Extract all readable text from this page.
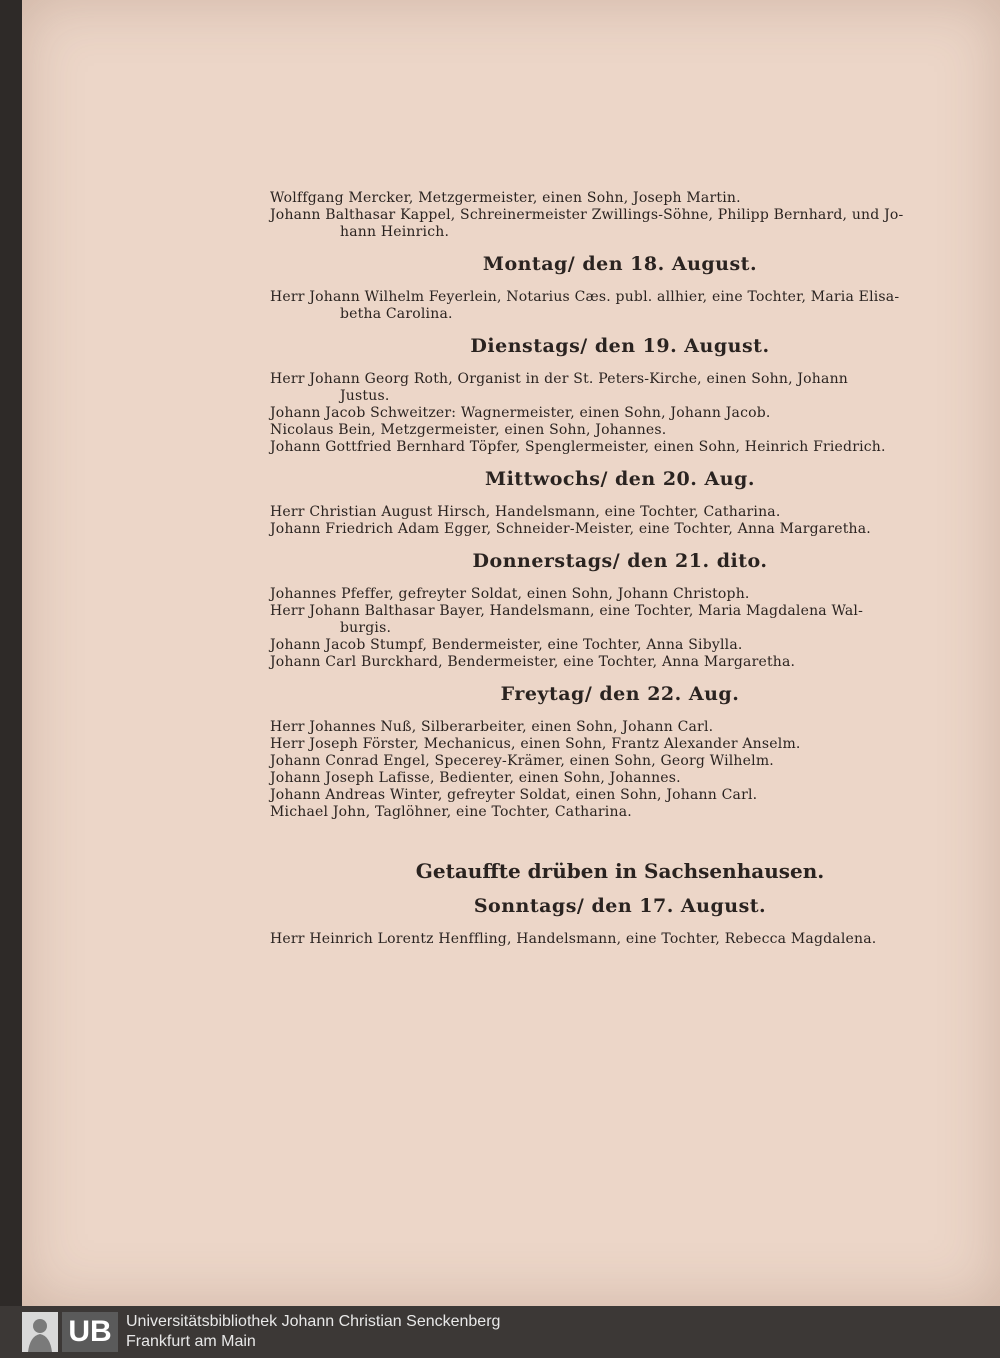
Wolffgang Mercker, Metzgermeister, einen Sohn, Joseph Martin.
Johann Balthasar Kappel, Schreinermeister Zwillings-Söhne, Philipp Bernhard, und Jo-
hann Heinrich.
Montag/ den 18. August.
Herr Johann Wilhelm Feyerlein, Notarius Cæs. publ. allhier, eine Tochter, Maria Elisa-
betha Carolina.
Dienstags/ den 19. August.
Herr Johann Georg Roth, Organist in der St. Peters-Kirche, einen Sohn, Johann
Justus.
Johann Jacob Schweitzer: Wagnermeister, einen Sohn, Johann Jacob.
Nicolaus Bein, Metzgermeister, einen Sohn, Johannes.
Johann Gottfried Bernhard Töpfer, Spenglermeister, einen Sohn, Heinrich Friedrich.
Mittwochs/ den 20. Aug.
Herr Christian August Hirsch, Handelsmann, eine Tochter, Catharina.
Johann Friedrich Adam Egger, Schneider-Meister, eine Tochter, Anna Margaretha.
Donnerstags/ den 21. dito.
Johannes Pfeffer, gefreyter Soldat, einen Sohn, Johann Christoph.
Herr Johann Balthasar Bayer, Handelsmann, eine Tochter, Maria Magdalena Wal-
burgis.
Johann Jacob Stumpf, Bendermeister, eine Tochter, Anna Sibylla.
Johann Carl Burckhard, Bendermeister, eine Tochter, Anna Margaretha.
Freytag/ den 22. Aug.
Herr Johannes Nuß, Silberarbeiter, einen Sohn, Johann Carl.
Herr Joseph Förster, Mechanicus, einen Sohn, Frantz Alexander Anselm.
Johann Conrad Engel, Specerey-Krämer, einen Sohn, Georg Wilhelm.
Johann Joseph Lafisse, Bedienter, einen Sohn, Johannes.
Johann Andreas Winter, gefreyter Soldat, einen Sohn, Johann Carl.
Michael John, Taglöhner, eine Tochter, Catharina.
Getauffte drüben in Sachsenhausen.
Sonntags/ den 17. August.
Herr Heinrich Lorentz Henffling, Handelsmann, eine Tochter, Rebecca Magdalena.
UB Universitätsbibliothek Johann Christian Senckenberg
Frankfurt am Main
